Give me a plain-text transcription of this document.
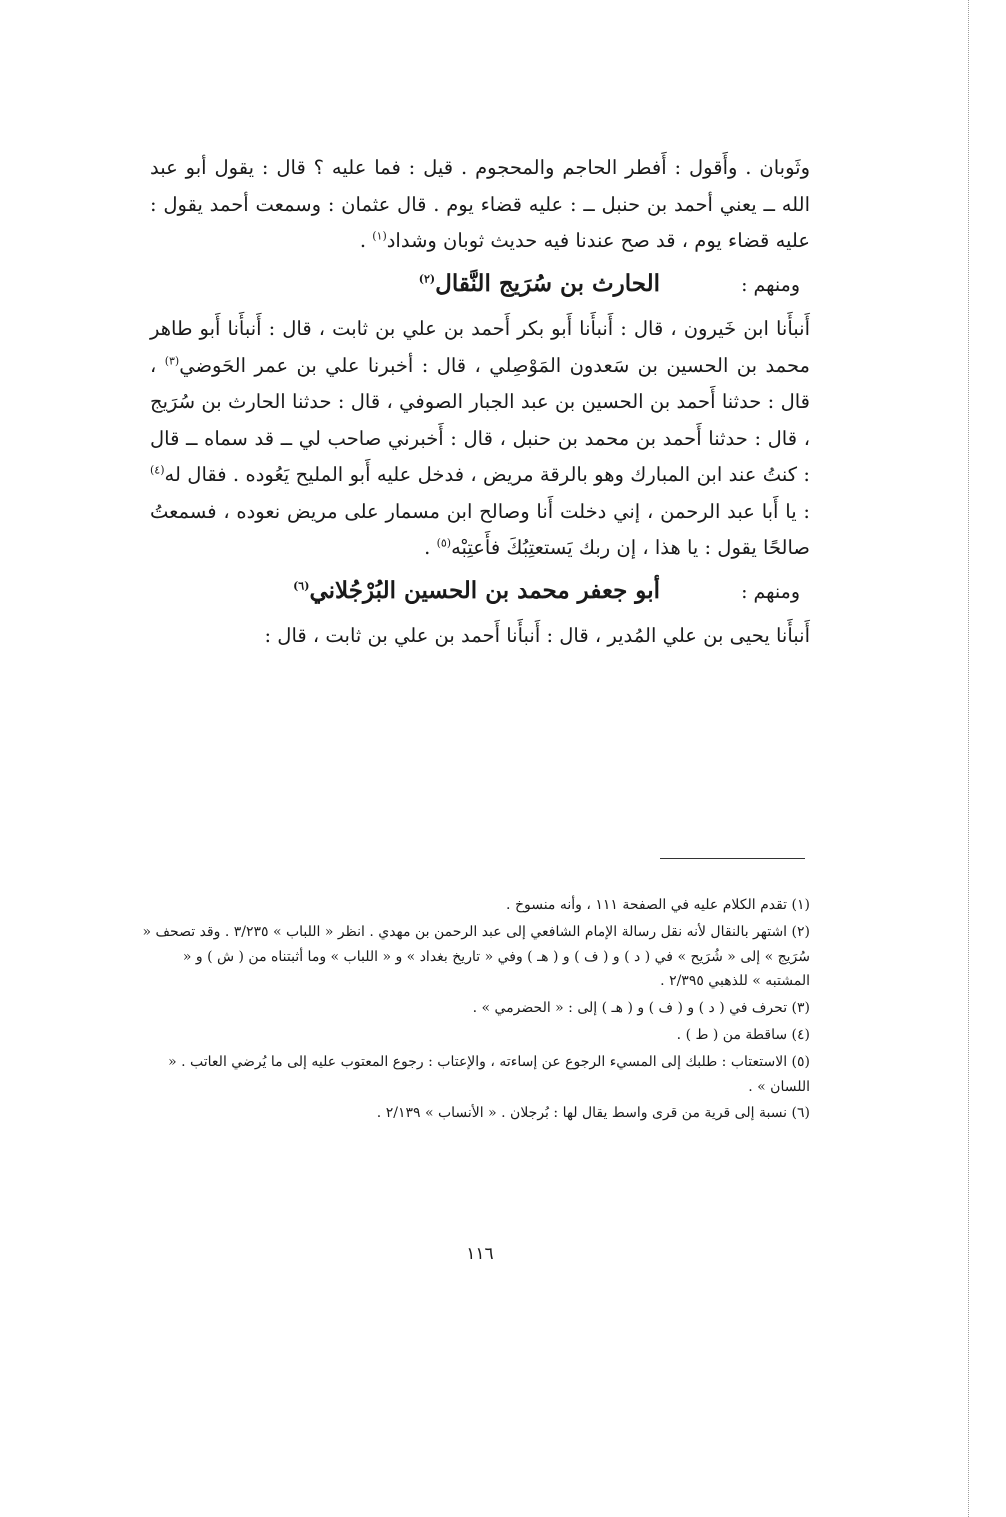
وثَوبان . وأَقول : أَفطر الحاجم والمحجوم . قيل : فما عليه ؟ قال : يقول أبو عبد الله ــ يعني أحمد بن حنبل ــ : عليه قضاء يوم . قال عثمان : وسمعت أحمد يقول : عليه قضاء يوم ، قد صح عندنا فيه حديث ثوبان وشداد$^{(١)}$ .

ومنهم :
الحارث بن سُرَيج النَّقال$^{(٢)}$

أَنبأَنا ابن خَيرون ، قال : أَنبأَنا أَبو بكر أَحمد بن علي بن ثابت ، قال : أَنبأَنا أَبو طاهر محمد بن الحسين بن سَعدون المَوْصِلي ، قال : أخبرنا علي بن عمر الحَوضي$^{(٣)}$ ، قال : حدثنا أَحمد بن الحسين بن عبد الجبار الصوفي ، قال : حدثنا الحارث بن سُرَيج ، قال : حدثنا أَحمد بن محمد بن حنبل ، قال : أَخبرني صاحب لي ــ قد سماه ــ قال : كنتُ عند ابن المبارك وهو بالرقة مريض ، فدخل عليه أَبو المليح يَعُوده . فقال له$^{(٤)}$ : يا أَبا عبد الرحمن ، إني دخلت أَنا وصالح ابن مسمار على مريض نعوده ، فسمعتُ صالحًا يقول : يا هذا ، إن ربك يَستعتِبُكَ فأَعتِبْه$^{(٥)}$ .

ومنهم :
أبو جعفر محمد بن الحسين البُرْجُلاني$^{(٦)}$

أَنبأَنا يحيى بن علي المُدير ، قال : أَنبأَنا أَحمد بن علي بن ثابت ، قال :

(١) تقدم الكلام عليه في الصفحة ١١١ ، وأنه منسوخ .

(٢) اشتهر بالنقال لأنه نقل رسالة الإمام الشافعي إلى عبد الرحمن بن مهدي . انظر « اللباب » ٣/٢٣٥ . وقد تصحف « سُرَيج » إلى « شُرَيح » في ( د ) و ( ف ) و ( هـ ) وفي « تاريخ بغداد » و « اللباب » وما أثبتناه من ( ش ) و « المشتبه » للذهبي ٢/٣٩٥ .

(٣) تحرف في ( د ) و ( ف ) و ( هـ ) إلى : « الحضرمي » .

(٤) ساقطة من ( ط ) .

(٥) الاستعتاب : طلبك إلى المسيء الرجوع عن إساءته ، والإعتاب : رجوع المعتوب عليه إلى ما يُرضي العاتب . « اللسان » .

(٦) نسبة إلى قرية من قرى واسط يقال لها : بُرجلان . « الأنساب » ٢/١٣٩ .

١١٦
